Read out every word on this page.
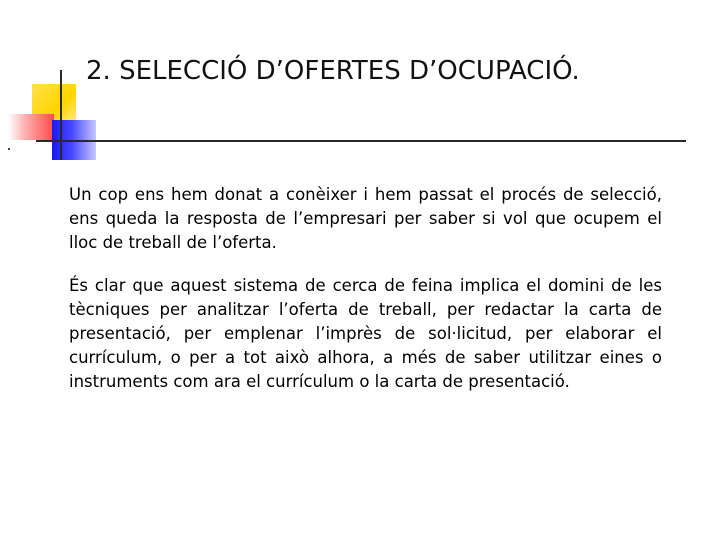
2. SELECCIÓ D’OFERTES D’OCUPACIÓ.

Un cop ens hem donat a conèixer i hem passat el procés de selecció, ens queda la resposta de l’empresari per saber si vol que ocupem el lloc de treball de l’oferta.

És clar que aquest sistema de cerca de feina implica el domini de les tècniques per analitzar l’oferta de treball, per redactar la carta de presentació, per emplenar l’imprès de sol·licitud, per elaborar el currículum, o per a tot això alhora, a més de saber utilitzar eines o instruments com ara el currículum o la carta de presentació.
